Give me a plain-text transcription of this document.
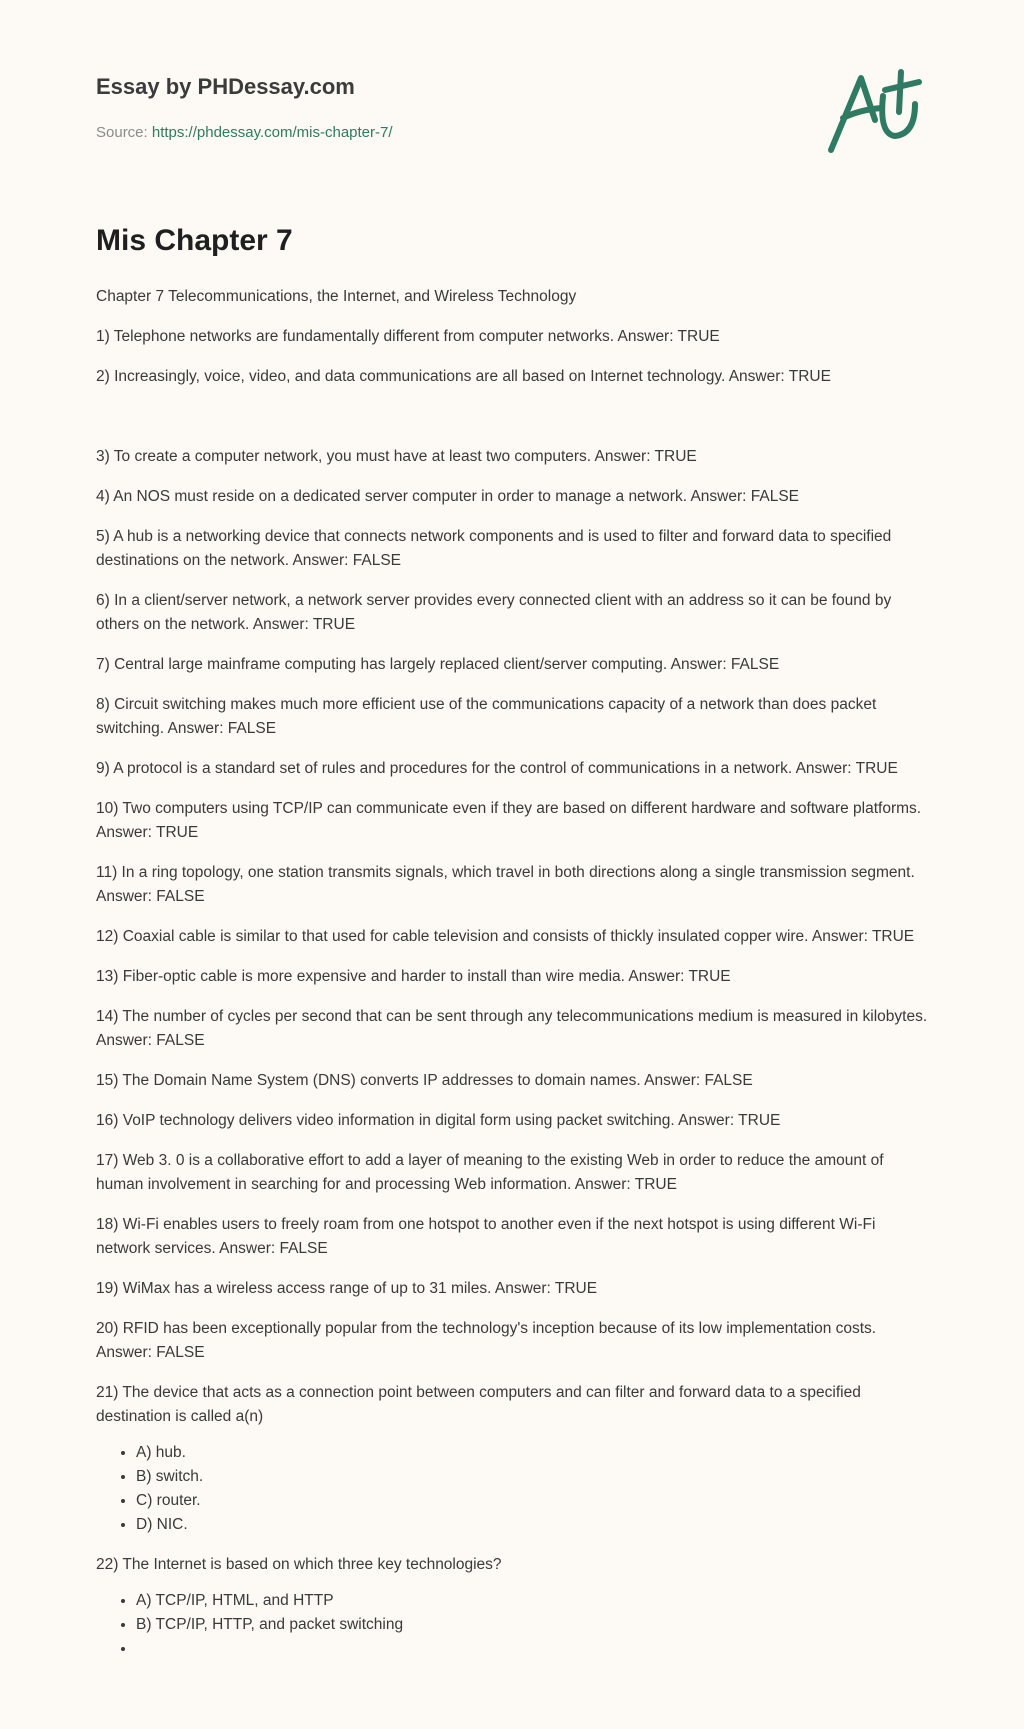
Essay by PHDessay.com

Source: https://phdessay.com/mis-chapter-7/

Mis Chapter 7

Chapter 7 Telecommunications, the Internet, and Wireless Technology

1) Telephone networks are fundamentally different from computer networks. Answer: TRUE

2) Increasingly, voice, video, and data communications are all based on Internet technology. Answer: TRUE

3) To create a computer network, you must have at least two computers. Answer: TRUE

4) An NOS must reside on a dedicated server computer in order to manage a network. Answer: FALSE

5) A hub is a networking device that connects network components and is used to filter and forward data to specified destinations on the network. Answer: FALSE

6) In a client/server network, a network server provides every connected client with an address so it can be found by others on the network. Answer: TRUE

7) Central large mainframe computing has largely replaced client/server computing. Answer: FALSE

8) Circuit switching makes much more efficient use of the communications capacity of a network than does packet switching. Answer: FALSE

9) A protocol is a standard set of rules and procedures for the control of communications in a network. Answer: TRUE

10) Two computers using TCP/IP can communicate even if they are based on different hardware and software platforms. Answer: TRUE

11) In a ring topology, one station transmits signals, which travel in both directions along a single transmission segment. Answer: FALSE

12) Coaxial cable is similar to that used for cable television and consists of thickly insulated copper wire. Answer: TRUE

13) Fiber-optic cable is more expensive and harder to install than wire media. Answer: TRUE

14) The number of cycles per second that can be sent through any telecommunications medium is measured in kilobytes. Answer: FALSE

15) The Domain Name System (DNS) converts IP addresses to domain names. Answer: FALSE

16) VoIP technology delivers video information in digital form using packet switching. Answer: TRUE

17) Web 3. 0 is a collaborative effort to add a layer of meaning to the existing Web in order to reduce the amount of human involvement in searching for and processing Web information. Answer: TRUE

18) Wi-Fi enables users to freely roam from one hotspot to another even if the next hotspot is using different Wi-Fi network services. Answer: FALSE

19) WiMax has a wireless access range of up to 31 miles. Answer: TRUE

20) RFID has been exceptionally popular from the technology's inception because of its low implementation costs. Answer: FALSE

21) The device that acts as a connection point between computers and can filter and forward data to a specified destination is called a(n)

• A) hub.
• B) switch.
• C) router.
• D) NIC.

22) The Internet is based on which three key technologies?

• A) TCP/IP, HTML, and HTTP
• B) TCP/IP, HTTP, and packet switching
•
